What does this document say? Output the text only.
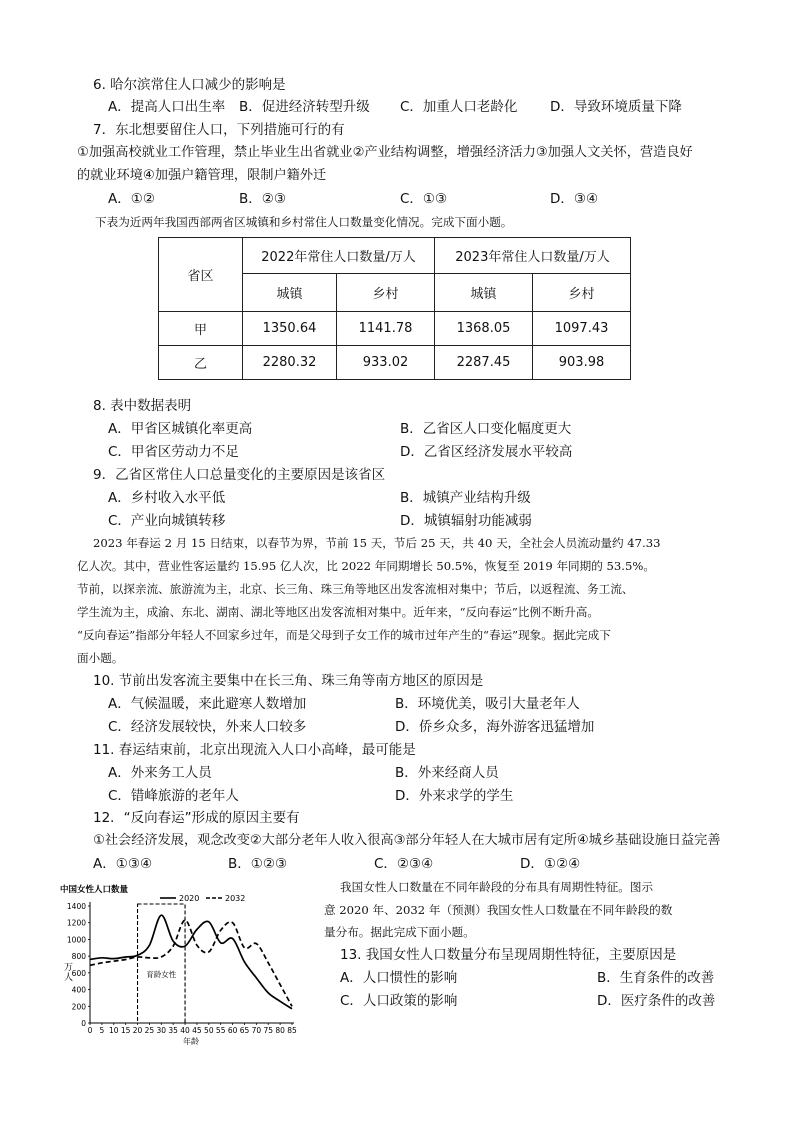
6. 哈尔滨常住人口减少的影响是
A．提高人口出生率 B．促进经济转型升级 C．加重人口老龄化 D．导致环境质量下降
7．东北想要留住人口，下列措施可行的有
①加强高校就业工作管理，禁止毕业生出省就业②产业结构调整，增强经济活力③加强人文关怀，营造良好
的就业环境④加强户籍管理，限制户籍外迁
A．①②	B．②③	C．①③	D．③④
下表为近两年我国西部两省区城镇和乡村常住人口数量变化情况。完成下面小题。
省区	2022年常住人口数量/万人		2023年常住人口数量/万人	
	城镇	乡村	城镇	乡村
甲	1350.64	1141.78	1368.05	1097.43
乙	2280.32	933.02	2287.45	903.98
8. 表中数据表明
A．甲省区城镇化率更高	B．乙省区人口变化幅度更大
C．甲省区劳动力不足	D．乙省区经济发展水平较高
9．乙省区常住人口总量变化的主要原因是该省区
A．乡村收入水平低	B．城镇产业结构升级
C．产业向城镇转移	D．城镇辐射功能减弱
2023 年春运 2 月 15 日结束，以春节为界，节前 15 天，节后 25 天，共 40 天，全社会人员流动量约 47.33
亿人次。其中，营业性客运量约 15.95 亿人次，比 2022 年同期增长 50.5%，恢复至 2019 年同期的 53.5%。
节前，以探亲流、旅游流为主，北京、长三角、珠三角等地区出发客流相对集中；节后，以返程流、务工流、
学生流为主，成渝、东北、湖南、湖北等地区出发客流相对集中。近年来，“反向春运”比例不断升高。
“反向春运”指部分年轻人不回家乡过年，而是父母到子女工作的城市过年产生的“春运”现象。据此完成下
面小题。
10. 节前出发客流主要集中在长三角、珠三角等南方地区的原因是
A．气候温暖，来此避寒人数增加	B．环境优美，吸引大量老年人
C．经济发展较快，外来人口较多	D．侨乡众多，海外游客迅猛增加
11. 春运结束前，北京出现流入人口小高峰，最可能是
A．外来务工人员	B．外来经商人员
C．错峰旅游的老年人	D．外来求学的学生
12．“反向春运”形成的原因主要有
①社会经济发展，观念改变②大部分老年人收入很高③部分年轻人在大城市居有定所④城乡基础设施日益完善
A．①③④	B．①②③	C．②③④	D．①②④
中国女性人口数量
2020	2032
0
200
400
600
800
1000
1200
1400
0 5 10 15 20 25 30 35 40 45 50 55 60 65 70 75 80 85
万人
年龄
育龄女性
我国女性人口数量在不同年龄段的分布具有周期性特征。图示
意 2020 年、2032 年（预测）我国女性人口数量在不同年龄段的数
量分布。据此完成下面小题。
13. 我国女性人口数量分布呈现周期性特征，主要原因是
A．人口惯性的影响	B．生育条件的改善
C．人口政策的影响	D．医疗条件的改善
